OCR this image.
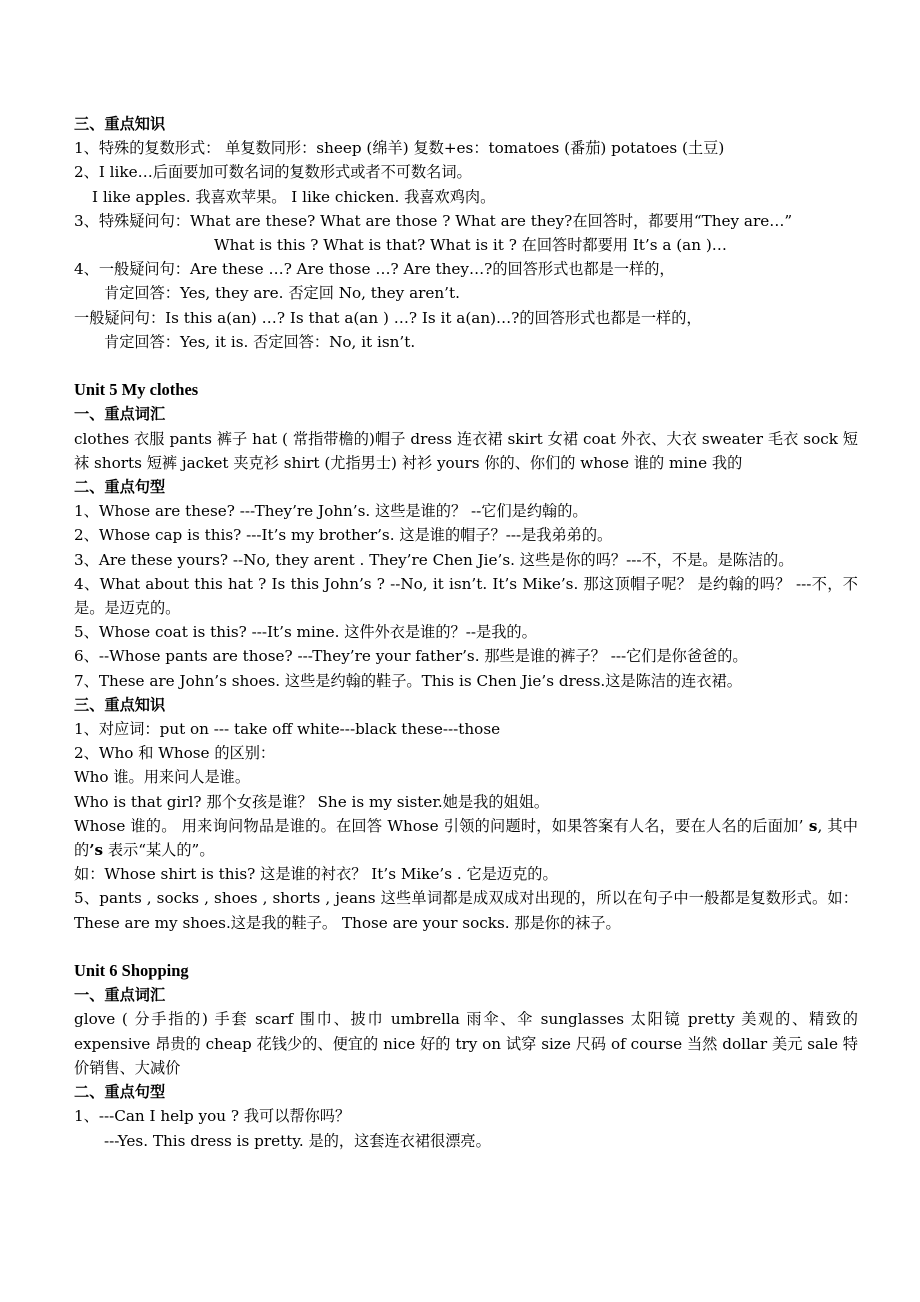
三、重点知识
1、特殊的复数形式： 单复数同形：sheep (绵羊) 复数+es：tomatoes (番茄) potatoes (土豆)
2、I like…后面要加可数名词的复数形式或者不可数名词。
I like apples. 我喜欢苹果。 I like chicken. 我喜欢鸡肉。
3、特殊疑问句：What are these? What are those ? What are they?在回答时，都要用“They are…”
What is this ? What is that? What is it ? 在回答时都要用 It’s a (an )…
4、一般疑问句：Are these …? Are those …? Are they…?的回答形式也都是一样的，
肯定回答：Yes, they are. 否定回 No, they aren’t.
一般疑问句：Is this a(an) …? Is that a(an ) …? Is it a(an)…?的回答形式也都是一样的，
肯定回答：Yes, it is. 否定回答：No, it isn’t.
Unit 5 My clothes
一、重点词汇
clothes 衣服 pants 裤子 hat ( 常指带檐的)帽子 dress 连衣裙 skirt 女裙 coat 外衣、大衣 sweater 毛衣 sock 短袜 shorts 短裤 jacket 夹克衫 shirt (尤指男士) 衬衫 yours 你的、你们的 whose 谁的 mine 我的
二、重点句型
1、Whose are these? ---They’re John’s. 这些是谁的？ --它们是约翰的。
2、Whose cap is this? ---It’s my brother’s. 这是谁的帽子？---是我弟弟的。
3、Are these yours? --No, they arent . They’re Chen Jie’s. 这些是你的吗？---不，不是。是陈洁的。
4、What about this hat ? Is this John’s ? --No, it isn’t. It’s Mike’s. 那这顶帽子呢？ 是约翰的吗？ ---不，不是。是迈克的。
5、Whose coat is this? ---It’s mine. 这件外衣是谁的？--是我的。
6、--Whose pants are those? ---They’re your father’s. 那些是谁的裤子？ ---它们是你爸爸的。
7、These are John’s shoes. 这些是约翰的鞋子。This is Chen Jie’s dress.这是陈洁的连衣裙。
三、重点知识
1、对应词：put on --- take off white---black these---those
2、Who 和 Whose 的区别：
Who 谁。用来问人是谁。
Who is that girl? 那个女孩是谁？ She is my sister.她是我的姐姐。
Whose 谁的。 用来询问物品是谁的。在回答 Whose 引领的问题时，如果答案有人名，要在人名的后面加’ s, 其中的’s 表示“某人的”。
如：Whose shirt is this? 这是谁的衬衣？ It’s Mike’s . 它是迈克的。
5、pants , socks , shoes , shorts , jeans 这些单词都是成双成对出现的，所以在句子中一般都是复数形式。如：These are my shoes.这是我的鞋子。 Those are your socks. 那是你的袜子。
Unit 6 Shopping
一、重点词汇
glove ( 分手指的) 手套 scarf 围巾、披巾 umbrella 雨伞、伞 sunglasses 太阳镜 pretty 美观的、精致的 expensive 昂贵的 cheap 花钱少的、便宜的 nice 好的 try on 试穿 size 尺码 of course 当然 dollar 美元 sale 特价销售、大减价
二、重点句型
1、---Can I help you ? 我可以帮你吗？
---Yes. This dress is pretty. 是的，这套连衣裙很漂亮。
